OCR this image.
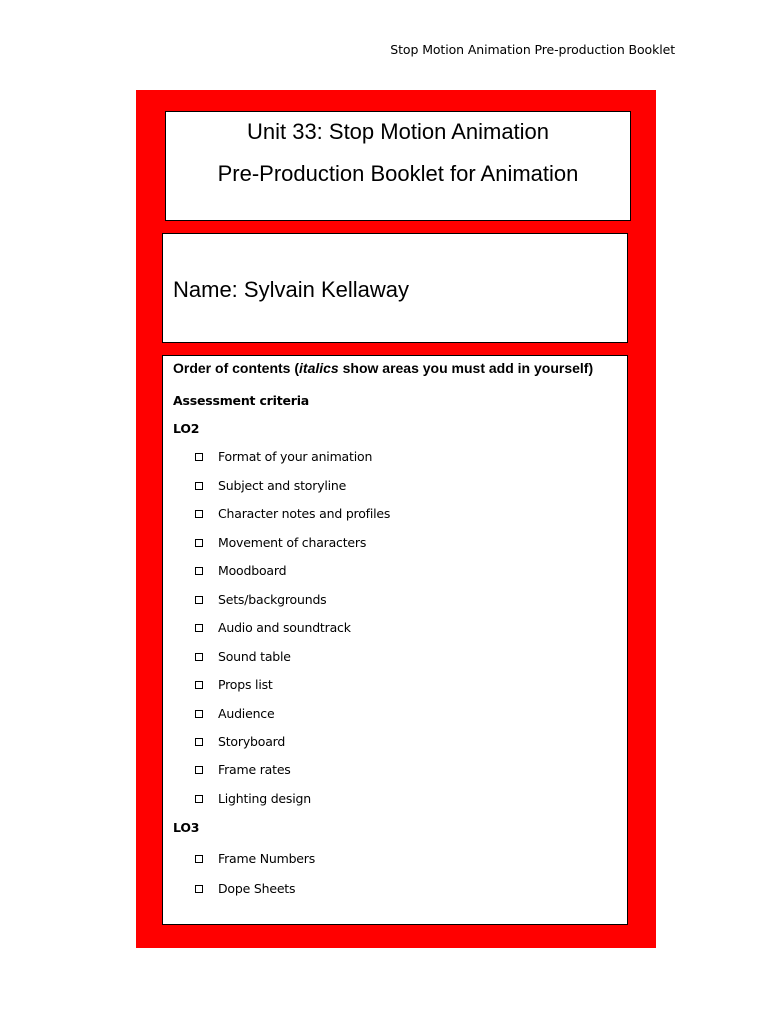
Stop Motion Animation Pre-production Booklet
Unit 33: Stop Motion Animation
Pre-Production Booklet for Animation
Name: Sylvain Kellaway
Order of contents (italics show areas you must add in yourself)
Assessment criteria
LO2
Format of your animation
Subject and storyline
Character notes and profiles
Movement of characters
Moodboard
Sets/backgrounds
Audio and soundtrack
Sound table
Props list
Audience
Storyboard
Frame rates
Lighting design
LO3
Frame Numbers
Dope Sheets
